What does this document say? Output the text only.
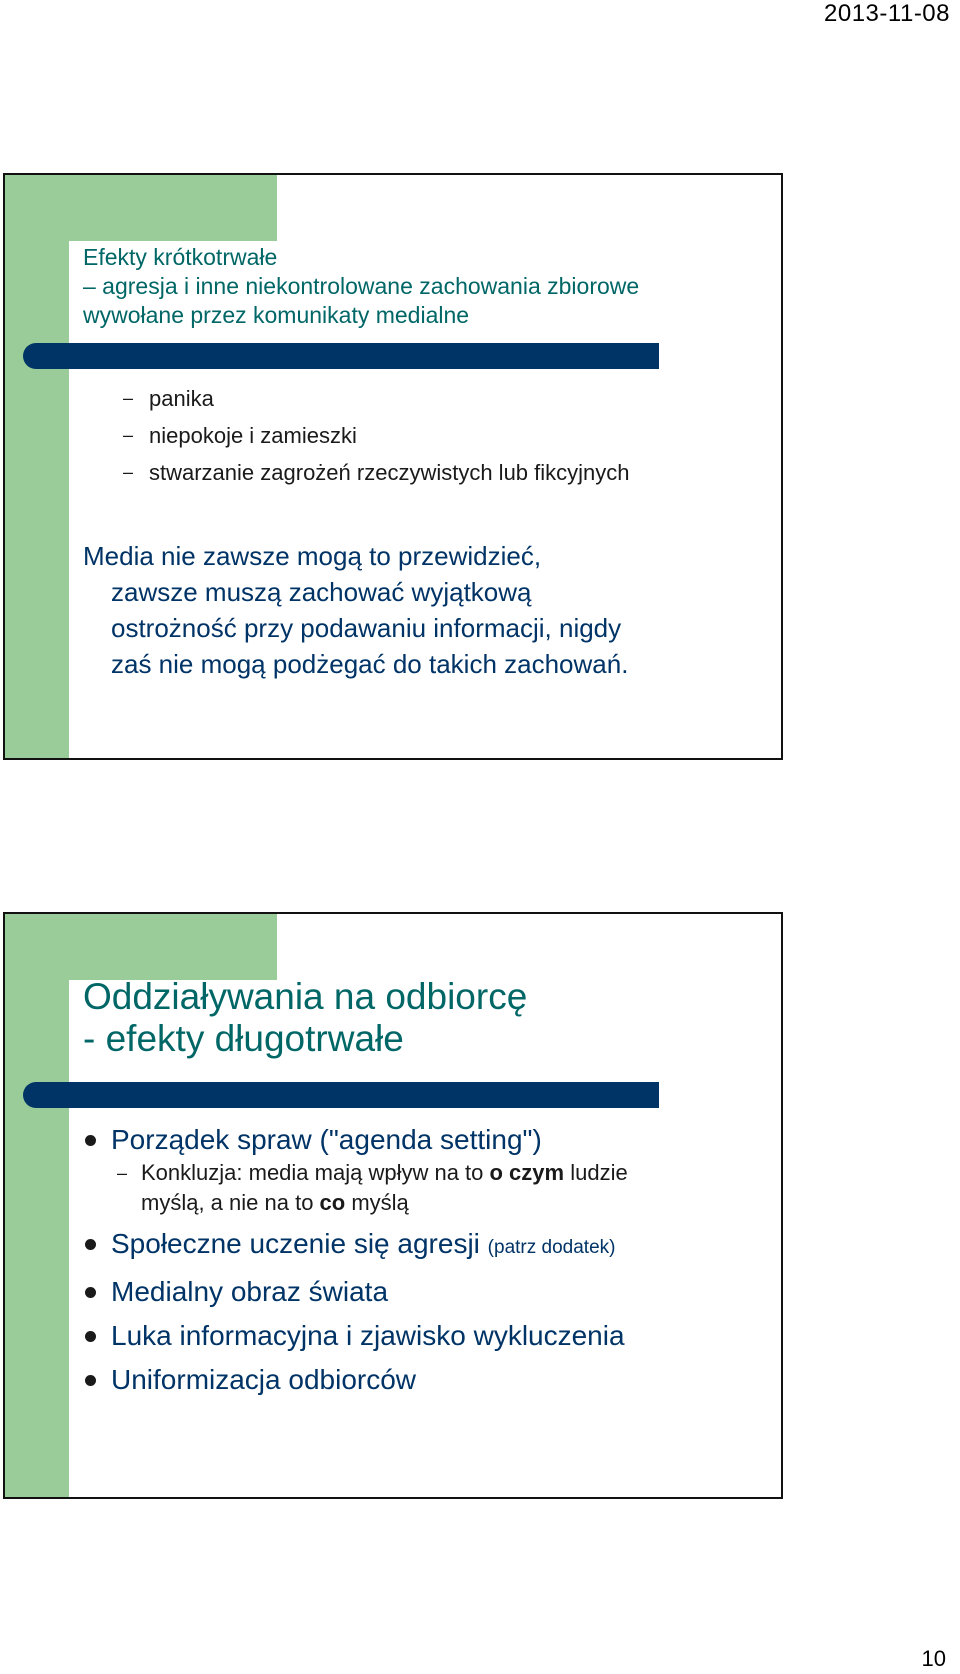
2013-11-08
Efekty krótkotrwałe
– agresja i inne niekontrolowane zachowania zbiorowe
wywołane przez komunikaty medialne
– panika
– niepokoje i zamieszki
– stwarzanie zagrożeń rzeczywistych lub fikcyjnych
Media nie zawsze mogą to przewidzieć,
zawsze muszą zachować wyjątkową
ostrożność przy podawaniu informacji, nigdy
zaś nie mogą podżegać do takich zachowań.
Oddziaływania na odbiorcę
- efekty długotrwałe
Porządek spraw ("agenda setting")
– Konkluzja: media mają wpływ na to o czym ludzie
myślą, a nie na to co myślą
Społeczne uczenie się agresji (patrz dodatek)
Medialny obraz świata
Luka informacyjna i zjawisko wykluczenia
Uniformizacja odbiorców
10
